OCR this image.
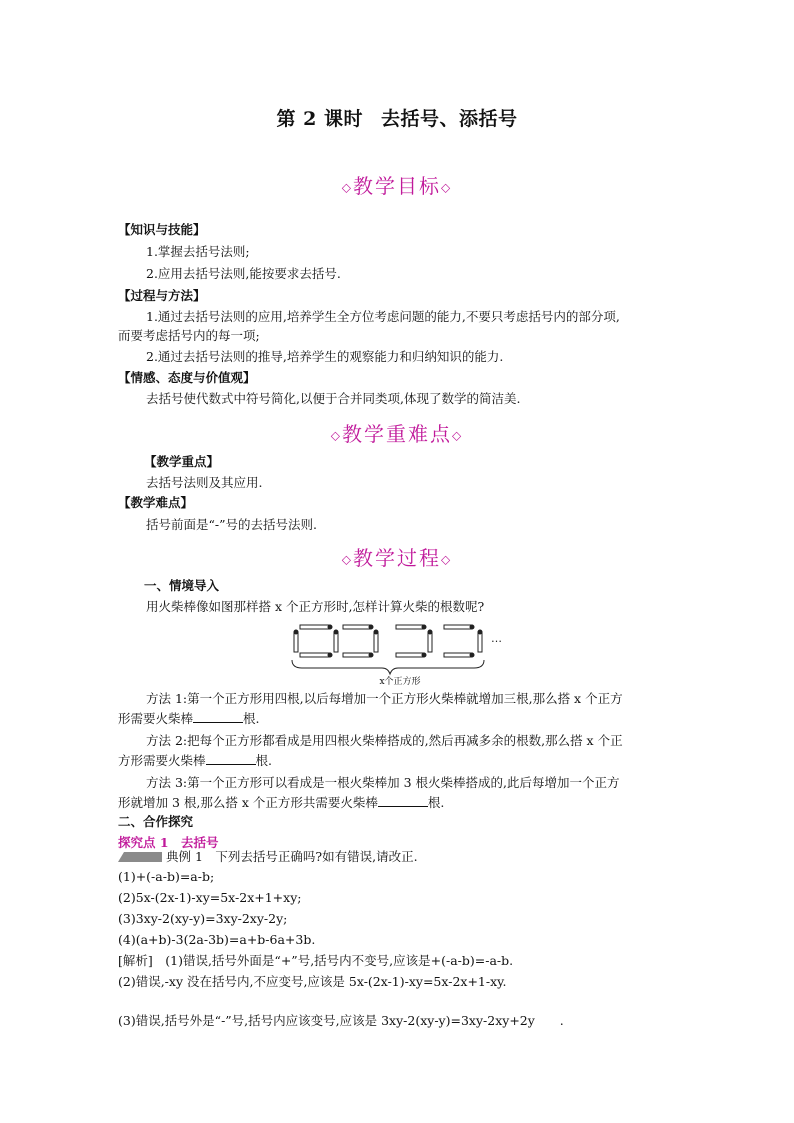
第 2 课时 去括号、添括号
◇教学目标◇
【知识与技能】
1.掌握去括号法则;
2.应用去括号法则,能按要求去括号.
【过程与方法】
1.通过去括号法则的应用,培养学生全方位考虑问题的能力,不要只考虑括号内的部分项,
而要考虑括号内的每一项;
2.通过去括号法则的推导,培养学生的观察能力和归纳知识的能力.
【情感、态度与价值观】
去括号使代数式中符号简化,以便于合并同类项,体现了数学的简洁美.
◇教学重难点◇
【教学重点】
去括号法则及其应用.
【教学难点】
括号前面是“-”号的去括号法则.
◇教学过程◇
一、情境导入
用火柴棒像如图那样搭 x 个正方形时,怎样计算火柴的根数呢?
…
x个正方形
方法 1:第一个正方形用四根,以后每增加一个正方形火柴棒就增加三根,那么搭 x 个正方
形需要火柴棒	根.
方法 2:把每个正方形都看成是用四根火柴棒搭成的,然后再减多余的根数,那么搭 x 个正
方形需要火柴棒	根.
方法 3:第一个正方形可以看成是一根火柴棒加 3 根火柴棒搭成的,此后每增加一个正方
形就增加 3 根,那么搭 x 个正方形共需要火柴棒	根.
二、合作探究
探究点 1　去括号
典例 1　下列去括号正确吗?如有错误,请改正.
(1)+(-a-b)=a-b;
(2)5x-(2x-1)-xy=5x-2x+1+xy;
(3)3xy-2(xy-y)=3xy-2xy-2y;
(4)(a+b)-3(2a-3b)=a+b-6a+3b.
[解析]　(1)错误,括号外面是“+”号,括号内不变号,应该是+(-a-b)=-a-b.
(2)错误,-xy 没在括号内,不应变号,应该是 5x-(2x-1)-xy=5x-2x+1-xy.
(3)错误,括号外是“-”号,括号内应该变号,应该是 3xy-2(xy-y)=3xy-2xy+2y　　.
